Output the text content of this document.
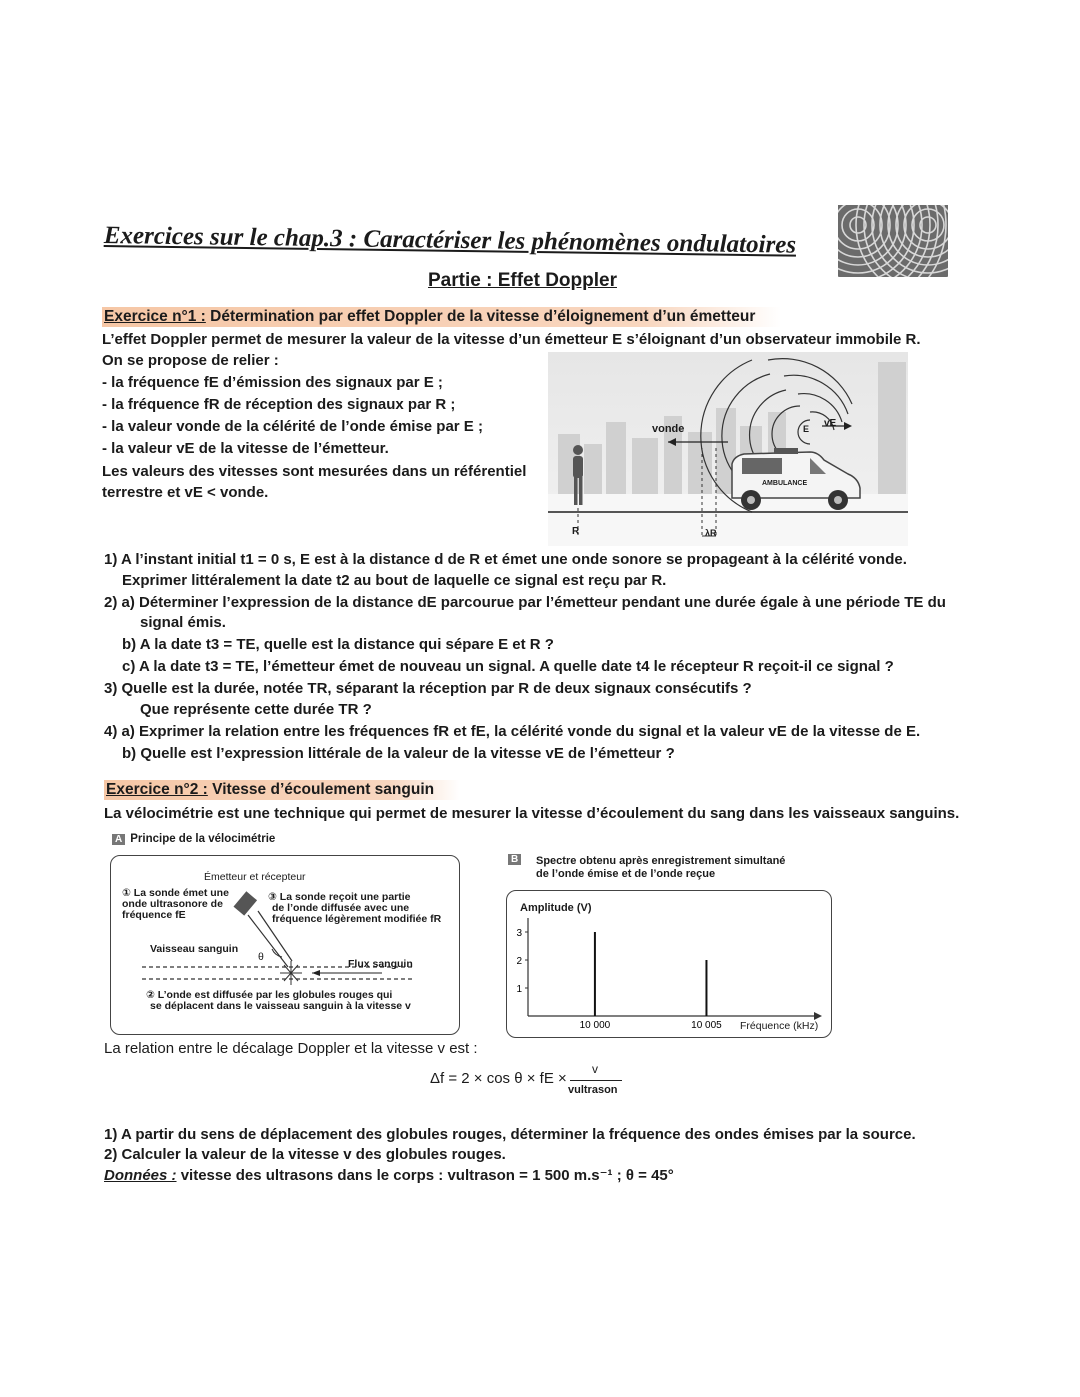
Exercices sur le chap.3 : Caractériser les phénomènes ondulatoires
Partie : Effet Doppler
Exercice n°1 : Détermination par effet Doppler de la vitesse d’éloignement d’un émetteur
L’effet Doppler permet de mesurer la valeur de la vitesse d’un émetteur E s’éloignant d’un observateur immobile R.
On se propose de relier :
- la fréquence fE d’émission des signaux par E ;
- la fréquence fR de réception des signaux par R ;
- la valeur vonde de la célérité de l’onde émise par E ;
- la valeur vE de la vitesse de l’émetteur.
Les valeurs des vitesses sont mesurées dans un référentiel
terrestre et vE < vonde.
vonde	vE
E
R	λR
AMBULANCE
1) A l’instant initial t1 = 0 s, E est à la distance d de R et émet une onde sonore se propageant à la célérité vonde.
Exprimer littéralement la date t2 au bout de laquelle ce signal est reçu par R.
2) a) Déterminer l’expression de la distance dE parcourue par l’émetteur pendant une durée égale à une période TE du
signal émis.
b) A la date t3 = TE, quelle est la distance qui sépare E et R ?
c) A la date t3 = TE, l’émetteur émet de nouveau un signal. A quelle date t4 le récepteur R reçoit-il ce signal ?
3) Quelle est la durée, notée TR, séparant la réception par R de deux signaux consécutifs ?
Que représente cette durée TR ?
4) a) Exprimer la relation entre les fréquences fR et fE, la célérité vonde du signal et la valeur vE de la vitesse de E.
b) Quelle est l’expression littérale de la valeur de la vitesse vE de l’émetteur ?
Exercice n°2 : Vitesse d’écoulement sanguin
La vélocimétrie est une technique qui permet de mesurer la vitesse d’écoulement du sang dans les vaisseaux sanguins.
A Principe de la vélocimétrie
Émetteur et récepteur
① La sonde émet une
onde ultrasonore de
fréquence fE
③ La sonde reçoit une partie
de l’onde diffusée avec une
fréquence légèrement modifiée fR
Vaisseau sanguin
θ
Flux sanguin
② L’onde est diffusée par les globules rouges qui
se déplacent dans le vaisseau sanguin à la vitesse v
B	Spectre obtenu après enregistrement simultané
de l’onde émise et de l’onde reçue
Amplitude (V)
1
2
3
10 000	10 005 Fréquence (kHz)
La relation entre le décalage Doppler et la vitesse v est :
Δf = 2 × cos θ × fE ×
v
vultrason
1) A partir du sens de déplacement des globules rouges, déterminer la fréquence des ondes émises par la source.
2) Calculer la valeur de la vitesse v des globules rouges.
Données : vitesse des ultrasons dans le corps : vultrason = 1 500 m.s⁻¹ ; θ = 45°
